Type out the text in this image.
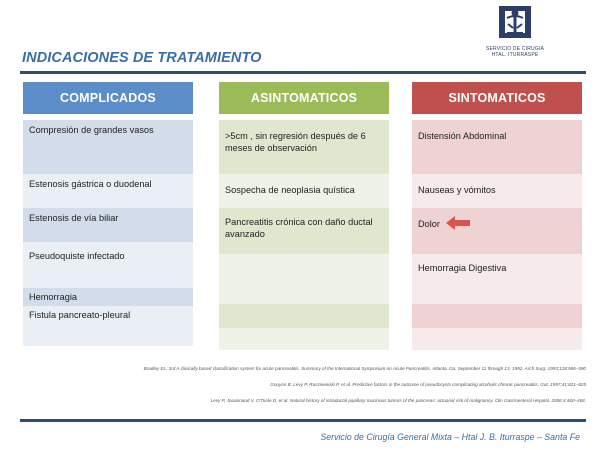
INDICACIONES DE TRATAMIENTO
SERVICIO DE CIRUGIA
HTAL. ITURRASPE
COMPLICADOS
Compresión de grandes vasos
Estenosis gástrica o duodenal
Estenosis de vía biliar
Pseudoquiste infectado
Hemorragia
Fistula pancreato-pleural
ASINTOMATICOS
>5cm , sin regresión después de 6 meses de observación
Sospecha de neoplasia quística
Pancreatitis crónica con daño ductal avanzado
SINTOMATICOS
Distensión Abdominal
Nauseas y vómitos
Dolor
Hemorragia Digestiva
Bradley EL, 3rd A clinically based classification system for acute pancreatitis. Summary of the International Symposium on Acute Pancreatitis, Atlanta, Ga, September 11 through 13, 1992. Arch Surg. 1993;128:586–590
Gouyon B, Levy P, Ruszniewski P, et al. Predictive factors in the outcome of pseudocysts complicating alcoholic chronic pancreatitis. Gut. 1997;41:821–825
Levy P, Jouannaud V, O'Toole D, et al. Natural history of intraductal papillary mucinous tumors of the pancreas: actuarial risk of malignancy. Clin Gastroenterol Hepatol. 2006;4:460–468.
Servicio de Cirugía General Mixta – Htal J. B. Iturraspe – Santa Fe
